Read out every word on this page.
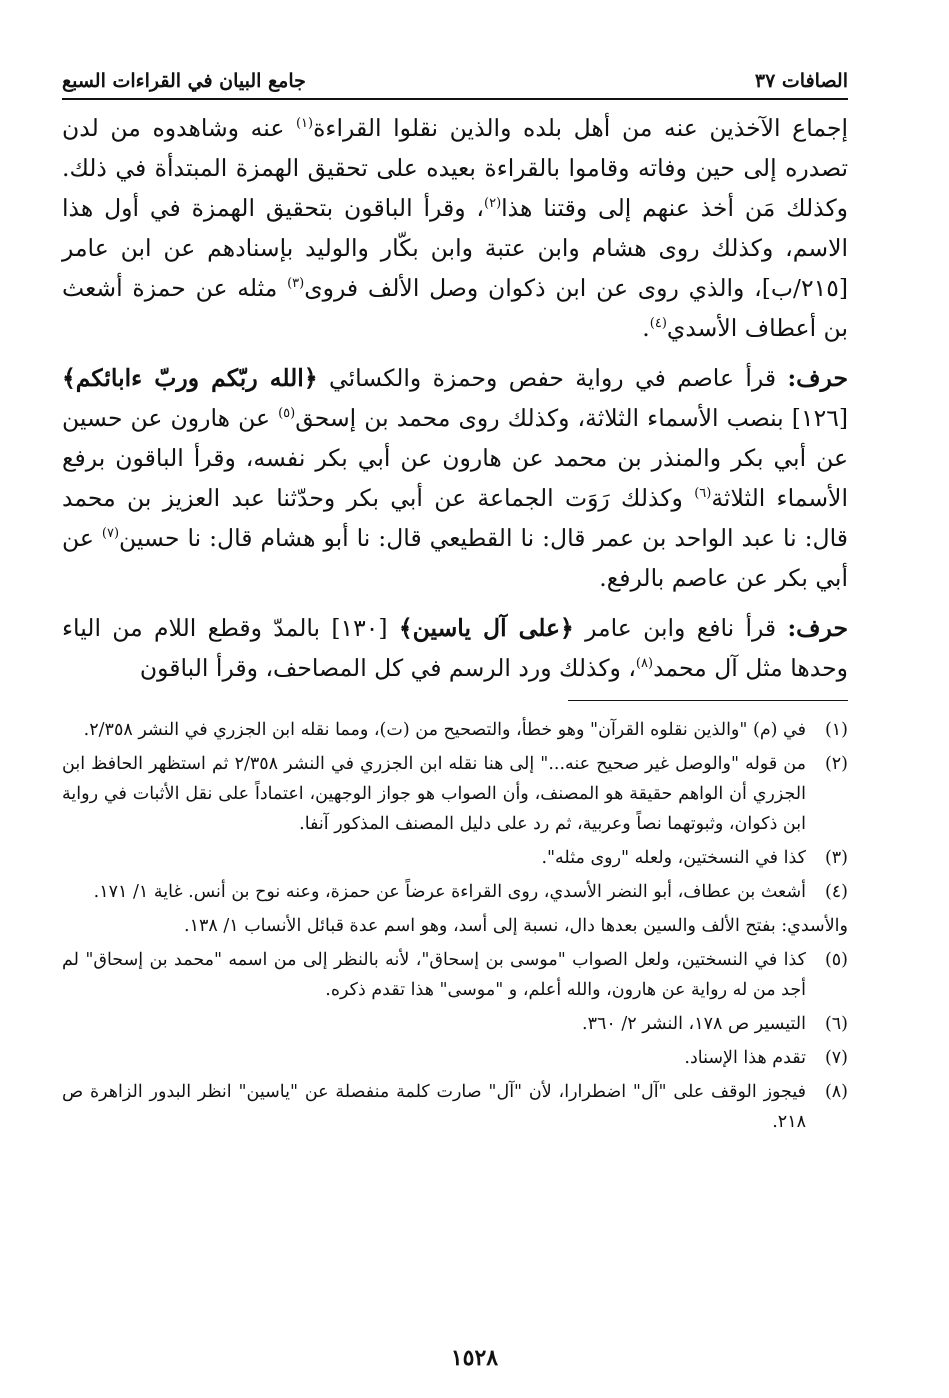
الصافات ٣٧
جامع البيان في القراءات السبع

إجماع الآخذين عنه من أهل بلده والذين نقلوا القراءة$^{(١)}$ عنه وشاهدوه من لدن تصدره إلى حين وفاته وقاموا بالقراءة بعيده على تحقيق الهمزة المبتدأة في ذلك. وكذلك مَن أخذ عنهم إلى وقتنا هذا$^{(٢)}$، وقرأ الباقون بتحقيق الهمزة في أول هذا الاسم، وكذلك روى هشام وابن عتبة وابن بكّار والوليد بإسنادهم عن ابن عامر [٢١٥/ب]، والذي روى عن ابن ذكوان وصل الألف فروى$^{(٣)}$ مثله عن حمزة أشعث بن أعطاف الأسدي$^{(٤)}$.

حرف: قرأ عاصم في رواية حفص وحمزة والكسائي ﴿الله ربّكم وربّ ءابائكم﴾ [١٢٦] بنصب الأسماء الثلاثة، وكذلك روى محمد بن إسحق$^{(٥)}$ عن هارون عن حسين عن أبي بكر والمنذر بن محمد عن هارون عن أبي بكر نفسه، وقرأ الباقون برفع الأسماء الثلاثة$^{(٦)}$ وكذلك رَوَت الجماعة عن أبي بكر وحدّثنا عبد العزيز بن محمد قال: نا عبد الواحد بن عمر قال: نا القطيعي قال: نا أبو هشام قال: نا حسين$^{(٧)}$ عن أبي بكر عن عاصم بالرفع.

حرف: قرأ نافع وابن عامر ﴿على آل ياسين﴾ [١٣٠] بالمدّ وقطع اللام من الياء وحدها مثل آل محمد$^{(٨)}$، وكذلك ورد الرسم في كل المصاحف، وقرأ الباقون

(١)
في (م) "والذين نقلوه القرآن" وهو خطأ، والتصحيح من (ت)، ومما نقله ابن الجزري في النشر ٢/٣٥٨.
(٢)
من قوله "والوصل غير صحيح عنه..." إلى هنا نقله ابن الجزري في النشر ٢/٣٥٨ ثم استظهر الحافظ ابن الجزري أن الواهم حقيقة هو المصنف، وأن الصواب هو جواز الوجهين، اعتماداً على نقل الأثبات في رواية ابن ذكوان، وثبوتهما نصاً وعربية، ثم رد على دليل المصنف المذكور آنفا.
(٣)
كذا في النسختين، ولعله "روى مثله".
(٤)
أشعث بن عطاف، أبو النضر الأسدي، روى القراءة عرضاً عن حمزة، وعنه نوح بن أنس. غاية ١/ ١٧١.
والأسدي: بفتح الألف والسين بعدها دال، نسبة إلى أسد، وهو اسم عدة قبائل الأنساب ١/ ١٣٨.
(٥)
كذا في النسختين، ولعل الصواب "موسى بن إسحاق"، لأنه بالنظر إلى من اسمه "محمد بن إسحاق" لم أجد من له رواية عن هارون، والله أعلم، و "موسى" هذا تقدم ذكره.
(٦)
التيسير ص ١٧٨، النشر ٢/ ٣٦٠.
(٧)
تقدم هذا الإسناد.
(٨)
فيجوز الوقف على "آل" اضطرارا، لأن "آل" صارت كلمة منفصلة عن "ياسين" انظر البدور الزاهرة ص ٢١٨.
١٥٢٨
